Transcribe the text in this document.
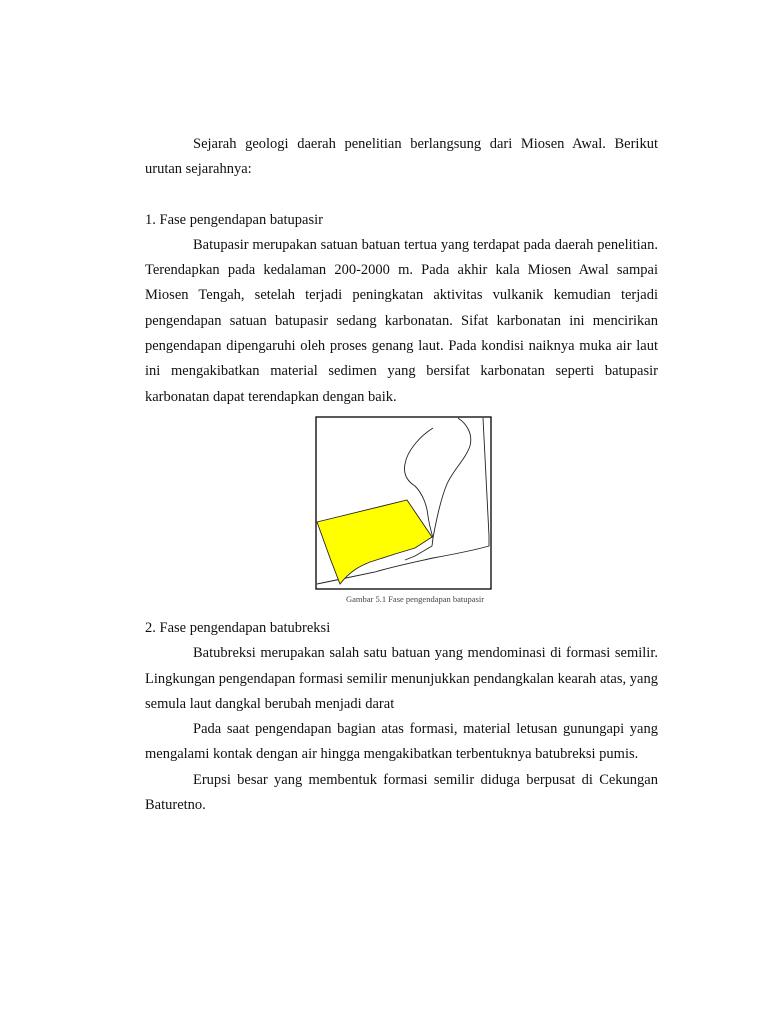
Sejarah geologi daerah penelitian berlangsung dari Miosen Awal. Berikut urutan sejarahnya:

1. Fase pengendapan batupasir

Batupasir merupakan satuan batuan tertua yang terdapat pada daerah penelitian. Terendapkan pada kedalaman 200-2000 m. Pada akhir kala Miosen Awal sampai Miosen Tengah, setelah terjadi peningkatan aktivitas vulkanik kemudian terjadi pengendapan satuan batupasir sedang karbonatan. Sifat karbonatan ini mencirikan pengendapan dipengaruhi oleh proses genang laut. Pada kondisi naiknya muka air laut ini mengakibatkan material sedimen yang bersifat karbonatan seperti batupasir karbonatan dapat terendapkan dengan baik.

Gambar 5.1 Fase pengendapan batupasir

2. Fase pengendapan batubreksi

Batubreksi merupakan salah satu batuan yang mendominasi di formasi semilir. Lingkungan pengendapan formasi semilir menunjukkan pendangkalan kearah atas, yang semula laut dangkal berubah menjadi darat

Pada saat pengendapan bagian atas formasi, material letusan gunungapi yang mengalami kontak dengan air hingga mengakibatkan terbentuknya batubreksi pumis.

Erupsi besar yang membentuk formasi semilir diduga berpusat di Cekungan Baturetno.
